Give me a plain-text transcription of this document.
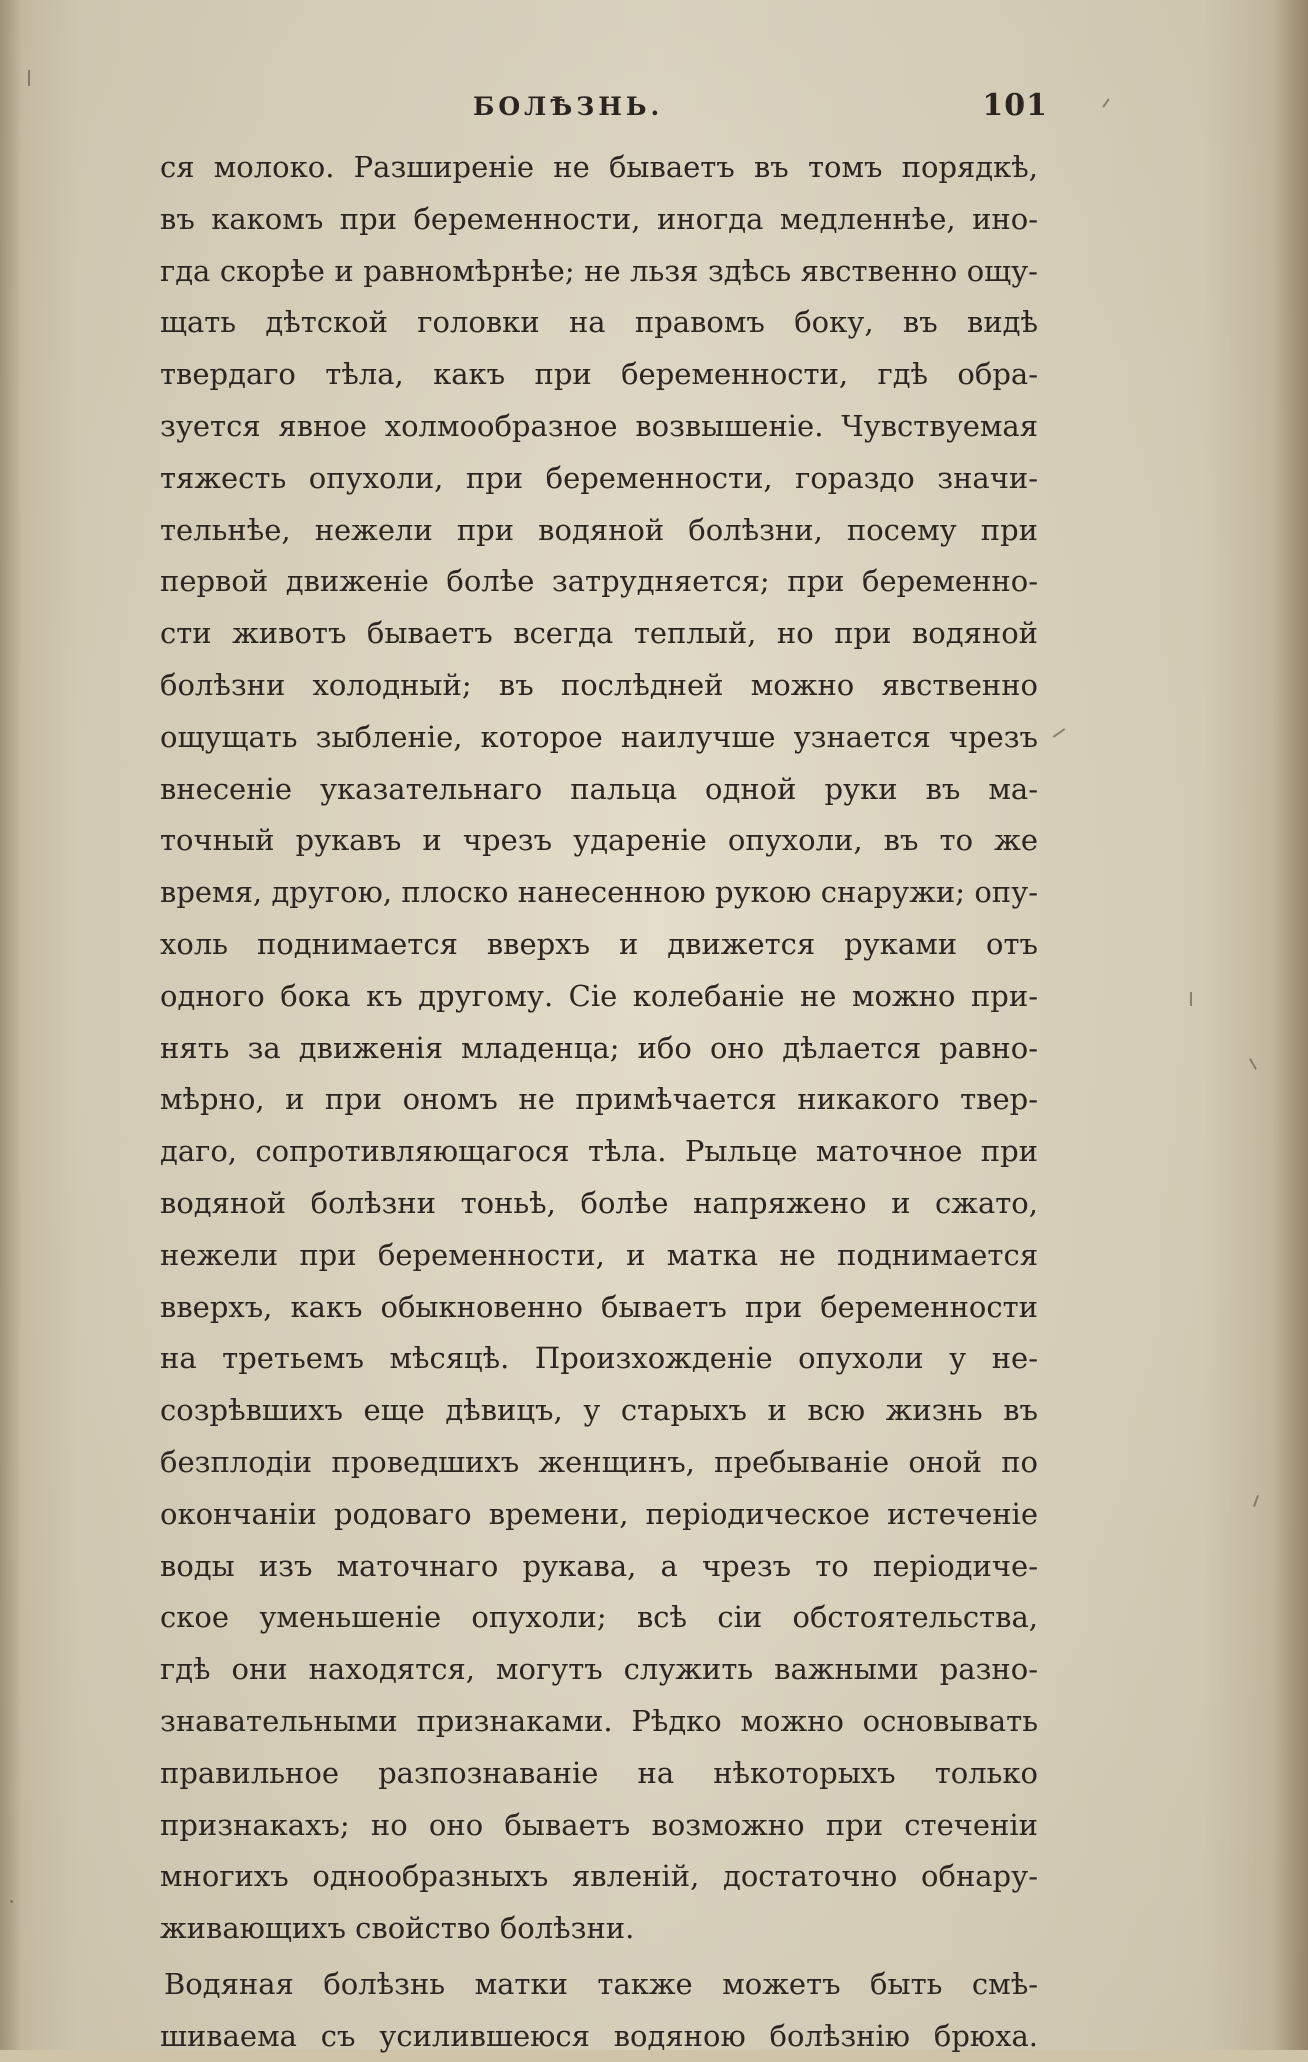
БОЛѢЗНЬ.	101
ся молоко. Разширеніе не бываетъ въ томъ порядкѣ,
въ какомъ при беременности, иногда медленнѣе, ино-
гда скорѣе и равномѣрнѣе; не льзя здѣсь явственно ощу-
щать дѣтской головки на правомъ боку, въ видѣ
твердаго тѣла, какъ при беременности, гдѣ обра-
зуется явное холмообразное возвышеніе. Чувствуемая
тяжесть опухоли, при беременности, гораздо значи-
тельнѣе, нежели при водяной болѣзни, посему при
первой движеніе болѣе затрудняется; при беременно-
сти животъ бываетъ всегда теплый, но при водяной
болѣзни холодный; въ послѣдней можно явственно
ощущать зыбленіе, которое наилучше узнается чрезъ
внесеніе указательнаго пальца одной руки въ ма-
точный рукавъ и чрезъ удареніе опухоли, въ то же
время, другою, плоско нанесенною рукою снаружи; опу-
холь поднимается вверхъ и движется руками отъ
одного бока къ другому. Сіе колебаніе не можно при-
нять за движенія младенца; ибо оно дѣлается равно-
мѣрно, и при ономъ не примѣчается никакого твер-
даго, сопротивляющагося тѣла. Рыльце маточное при
водяной болѣзни тоньѣ, болѣе напряжено и сжато,
нежели при беременности, и матка не поднимается
вверхъ, какъ обыкновенно бываетъ при беременности
на третьемъ мѣсяцѣ. Произхожденіе опухоли у не-
созрѣвшихъ еще дѣвицъ, у старыхъ и всю жизнь въ
безплодіи проведшихъ женщинъ, пребываніе оной по
окончаніи родоваго времени, періодическое истеченіе
воды изъ маточнаго рукава, а чрезъ то періодиче-
ское уменьшеніе опухоли; всѣ сіи обстоятельства,
гдѣ они находятся, могутъ служить важными разно-
знавательными признаками. Рѣдко можно основывать
правильное разпознаваніе на нѣкоторыхъ только
признакахъ; но оно бываетъ возможно при стеченіи
многихъ однообразныхъ явленій, достаточно обнару-
живающихъ свойство болѣзни.
Водяная болѣзнь матки также можетъ быть смѣ-
шиваема съ усилившеюся водяною болѣзнію брюха.
